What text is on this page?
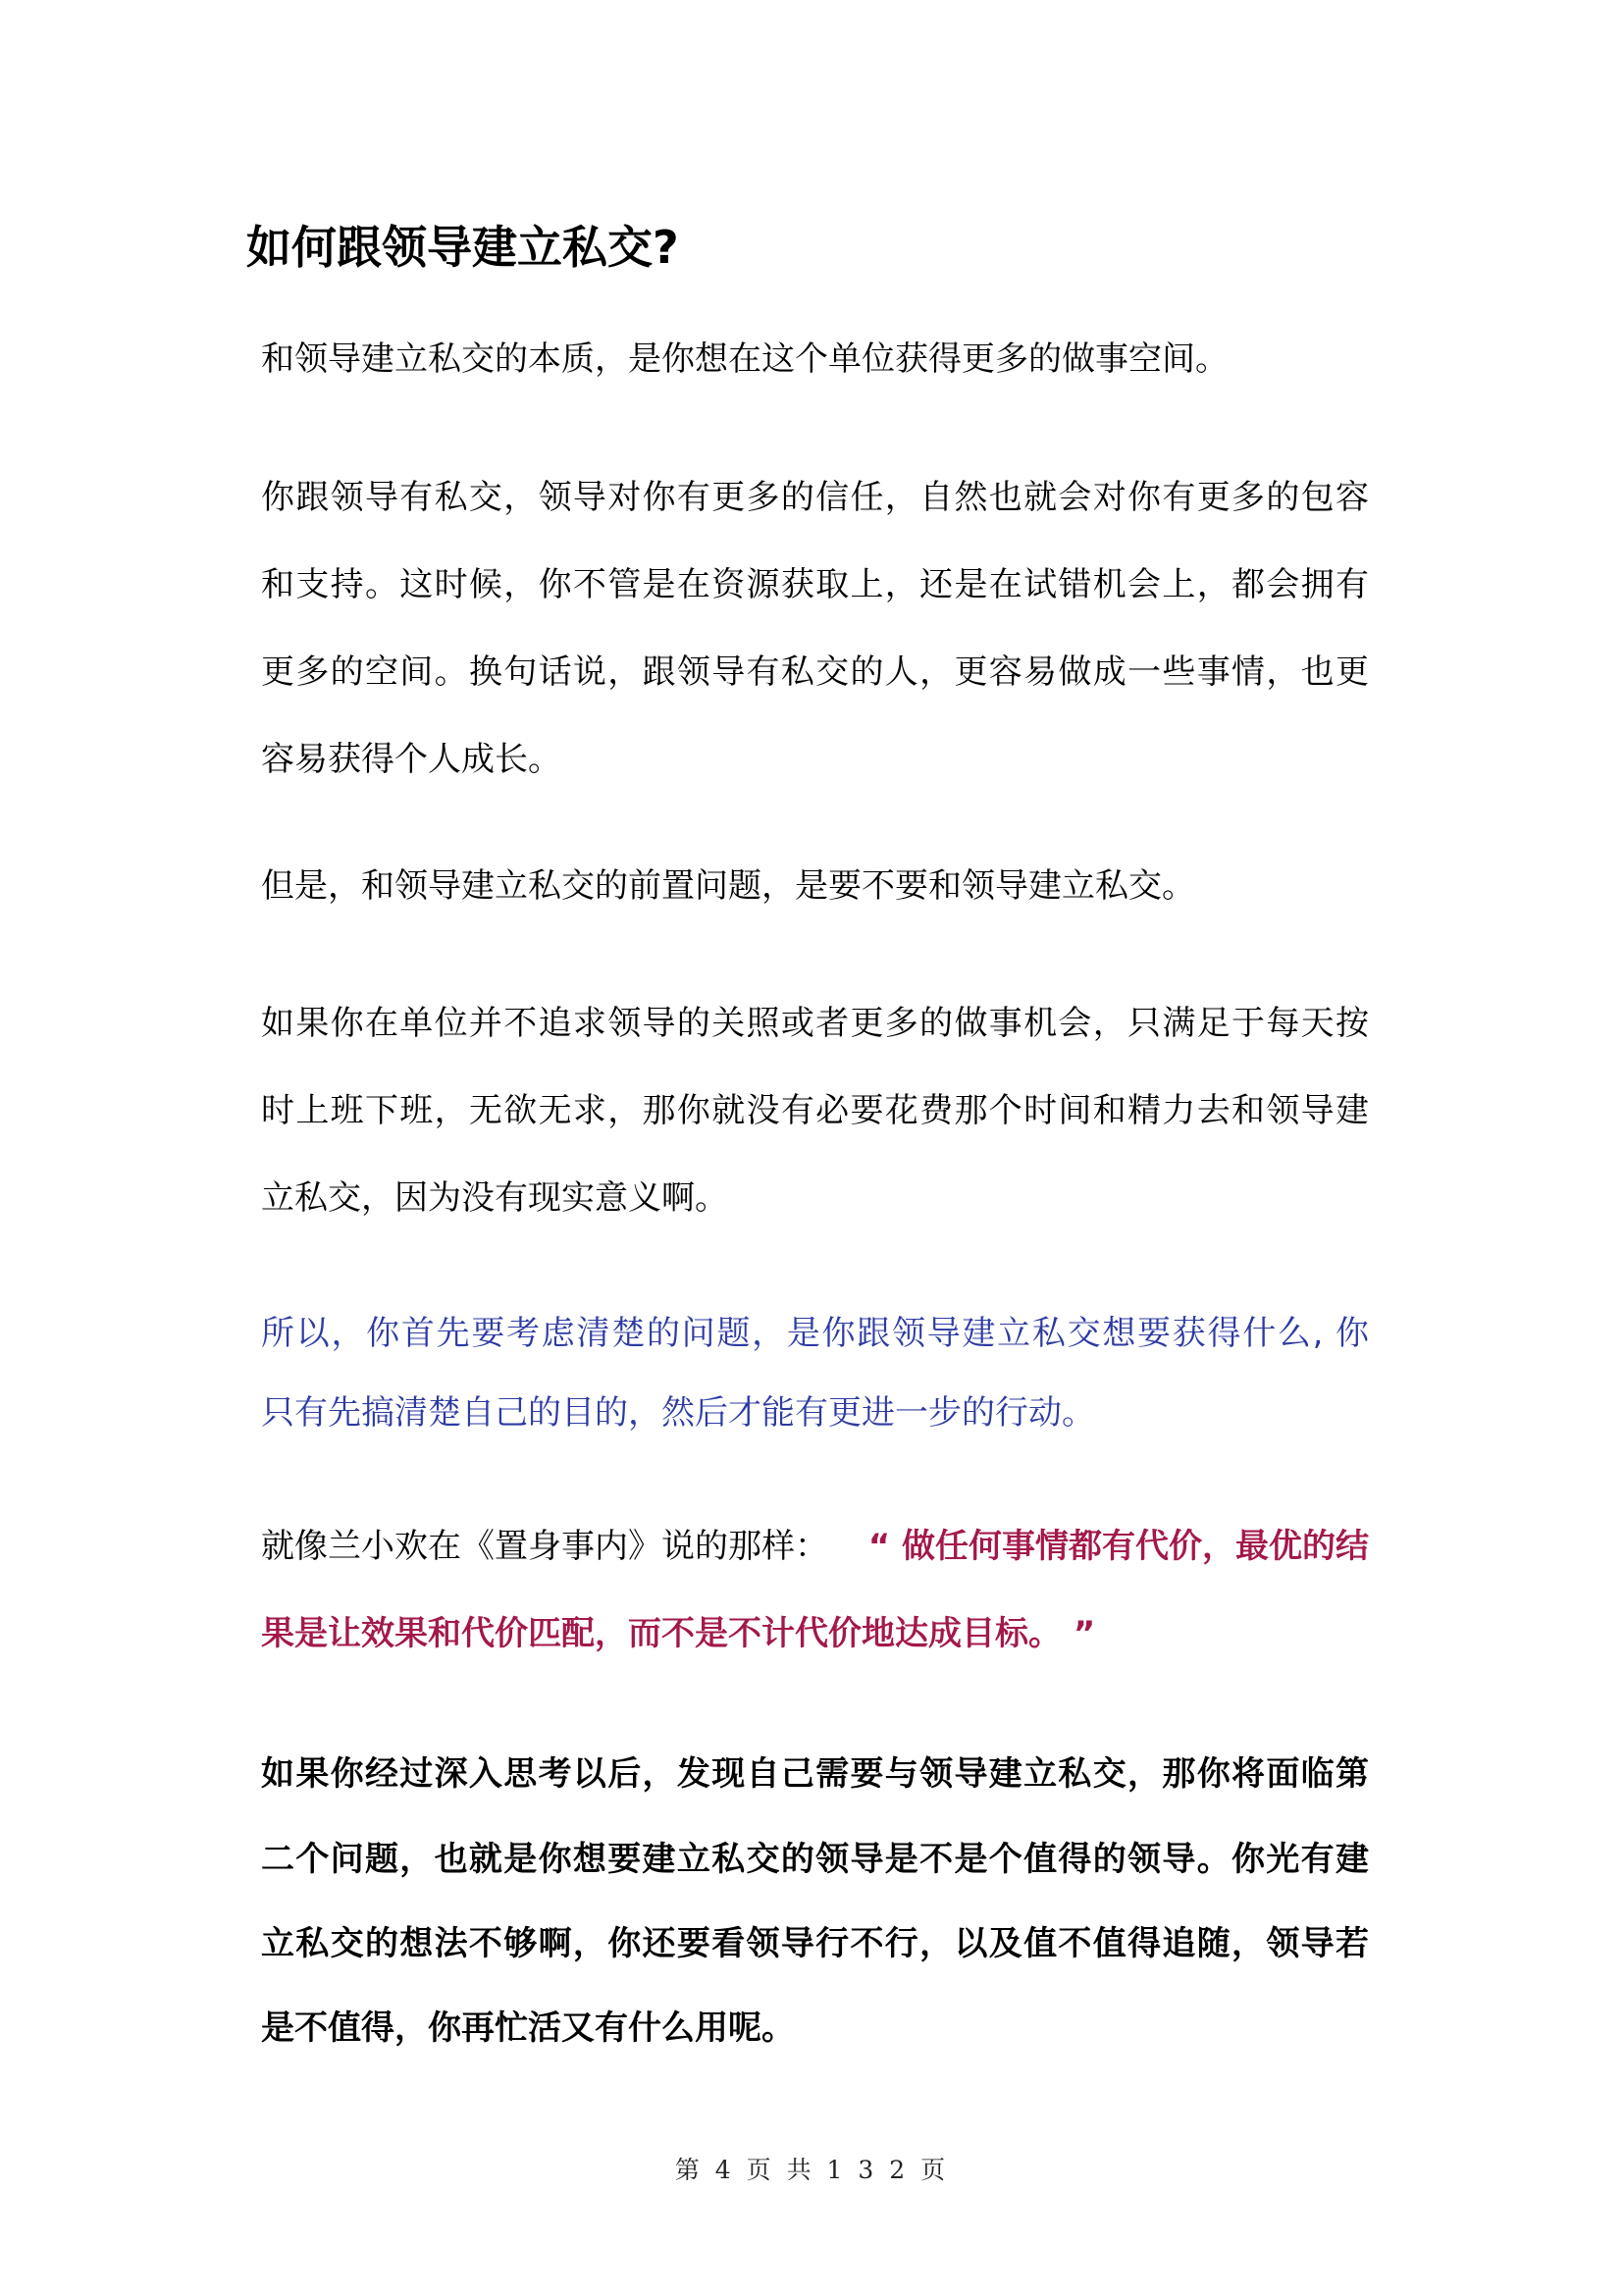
如何跟领导建立私交?
和领导建立私交的本质，是你想在这个单位获得更多的做事空间。
你跟领导有私交，领导对你有更多的信任，自然也就会对你有更多的包容
和支持。这时候，你不管是在资源获取上，还是在试错机会上，都会拥有
更多的空间。换句话说，跟领导有私交的人，更容易做成一些事情，也更
容易获得个人成长。
但是，和领导建立私交的前置问题，是要不要和领导建立私交。
如果你在单位并不追求领导的关照或者更多的做事机会，只满足于每天按
时上班下班，无欲无求，那你就没有必要花费那个时间和精力去和领导建
立私交，因为没有现实意义啊。
所以，你首先要考虑清楚的问题，是你跟领导建立私交想要获得什么, 你
只有先搞清楚自己的目的，然后才能有更进一步的行动。
就像兰小欢在《置身事内》说的那样： “ 做任何事情都有代价，最优的结
果是让效果和代价匹配，而不是不计代价地达成目标。 ”
如果你经过深入思考以后，发现自己需要与领导建立私交，那你将面临第
二个问题，也就是你想要建立私交的领导是不是个值得的领导。你光有建
立私交的想法不够啊，你还要看领导行不行，以及值不值得追随，领导若
是不值得，你再忙活又有什么用呢。
第 4 页 共 1 3 2 页
